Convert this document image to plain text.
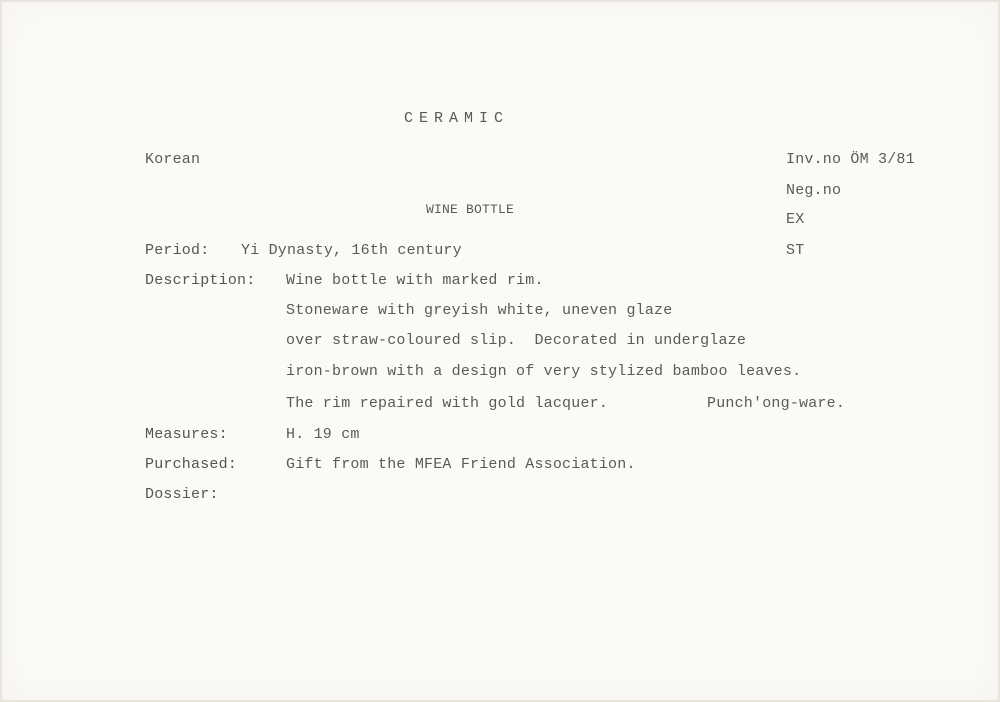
CERAMIC
Korean	Inv.no ÖM 3/81
Neg.no
EX
ST
WINE BOTTLE
Period: Yi Dynasty, 16th century
Description: Wine bottle with marked rim.
Stoneware with greyish white, uneven glaze
over straw-coloured slip.  Decorated in underglaze
iron-brown with a design of very stylized bamboo leaves.
The rim repaired with gold lacquer.	Punch'ong-ware.
Measures:	H. 19 cm
Purchased:	Gift from the MFEA Friend Association.
Dossier:
